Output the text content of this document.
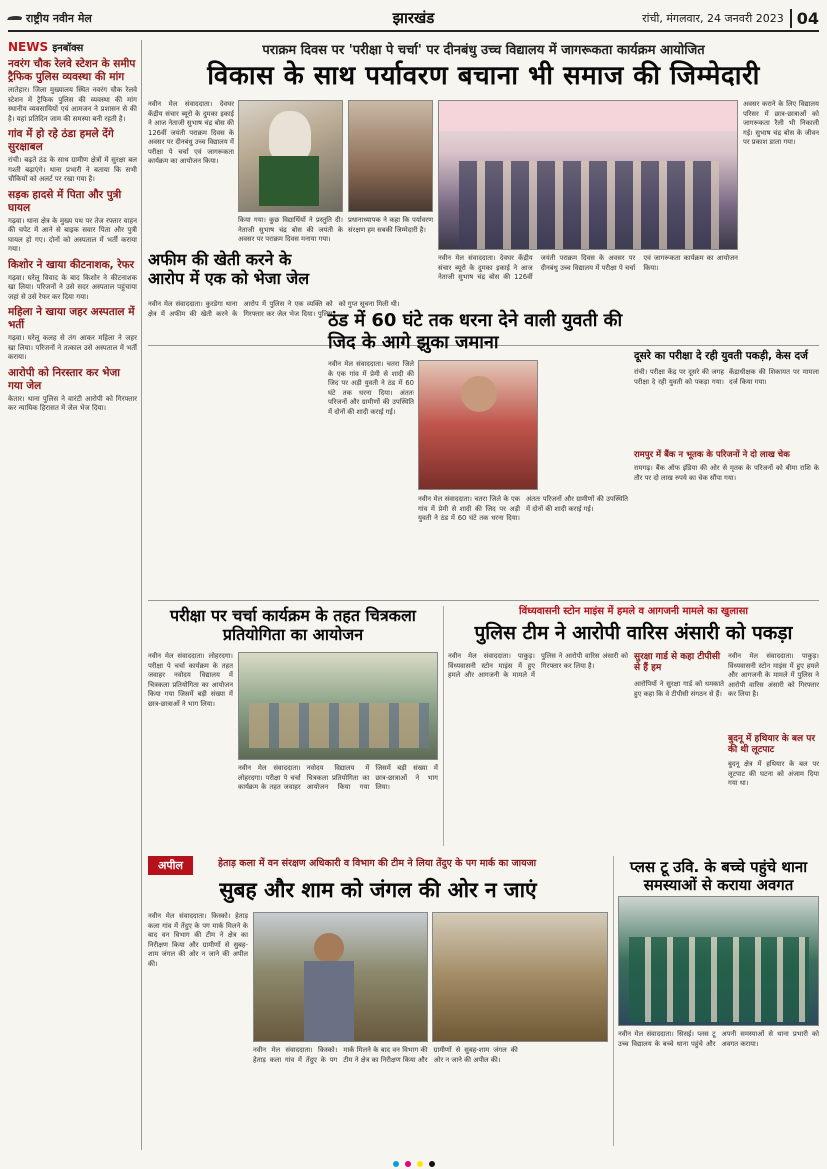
राष्ट्रीय नवीन मेल	झारखंड	रांची, मंगलवार, 24 जनवरी 2023 04
NEWS इनबॉक्स
नवरंग चौक रेलवे स्टेशन के समीप ट्रैफिक पुलिस व्यवस्था की मांग
लातेहार। जिला मुख्यालय स्थित नवरंग चौक रेलवे स्टेशन में ट्रैफिक पुलिस की व्यवस्था की मांग स्थानीय व्यवसायियों एवं आमजन ने प्रशासन से की है। यहां प्रतिदिन जाम की समस्या बनी रहती है।
गांव में हो रहे ठंडा हमले देंगे सुरक्षाबल
रांची। बढ़ते ठंड के साथ ग्रामीण क्षेत्रों में सुरक्षा बल गश्ती बढ़ाएंगे। थाना प्रभारी ने बताया कि सभी चौकियों को अलर्ट पर रखा गया है।
सड़क हादसे में पिता और पुत्री घायल
गढ़वा। थाना क्षेत्र के मुख्य पथ पर तेज रफ्तार वाहन की चपेट में आने से बाइक सवार पिता और पुत्री घायल हो गए। दोनों को अस्पताल में भर्ती कराया गया।
किशोर ने खाया कीटनाशक, रेफर
गढ़वा। घरेलू विवाद के बाद किशोर ने कीटनाशक खा लिया। परिजनों ने उसे सदर अस्पताल पहुंचाया जहां से उसे रेफर कर दिया गया।
महिला ने खाया जहर अस्पताल में भर्ती
गढ़वा। घरेलू कलह से तंग आकर महिला ने जहर खा लिया। परिजनों ने तत्काल उसे अस्पताल में भर्ती कराया।
आरोपी को निरस्तार कर भेजा गया जेल
केतार। थाना पुलिस ने वारंटी आरोपी को गिरफ्तार कर न्यायिक हिरासत में जेल भेज दिया।
पराक्रम दिवस पर 'परीक्षा पे चर्चा' पर दीनबंधु उच्च विद्यालय में जागरूकता कार्यक्रम आयोजित
विकास के साथ पर्यावरण बचाना भी समाज की जिम्मेदारी
नवीन मेल संवाददाता। देवघर केंद्रीय संचार ब्यूरो के दुमका इकाई ने आज नेताजी सुभाष चंद्र बोस की 126वीं जयंती पराक्रम दिवस के अवसर पर दीनबंधु उच्च विद्यालय में परीक्षा पे चर्चा एवं जागरूकता कार्यक्रम का आयोजन किया।
किया गया। कुछ विद्यार्थियों ने प्रस्तुति दी। नेताजी सुभाष चंद्र बोस की जयंती के अवसर पर पराक्रम दिवस मनाया गया।
प्रधानाध्यापक ने कहा कि पर्यावरण संरक्षण हम सबकी जिम्मेदारी है।
अवसर कराने के लिए विद्यालय परिसर में छात्र-छात्राओं को जागरूकता रैली भी निकाली गई। सुभाष चंद्र बोस के जीवन पर प्रकाश डाला गया।
नवीन मेल संवाददाता। देवघर केंद्रीय संचार ब्यूरो के दुमका इकाई ने आज नेताजी सुभाष चंद्र बोस की 126वीं जयंती पराक्रम दिवस के अवसर पर दीनबंधु उच्च विद्यालय में परीक्षा पे चर्चा एवं जागरूकता कार्यक्रम का आयोजन किया।
अफीम की खेती करने के आरोप में एक को भेजा जेल
नवीन मेल संवाददाता। कुरडेगा थाना क्षेत्र में अफीम की खेती करने के आरोप में पुलिस ने एक व्यक्ति को गिरफ्तार कर जेल भेज दिया। पुलिस को गुप्त सूचना मिली थी।
ठंड में 60 घंटे तक धरना देने वाली युवती की जिद के आगे झुका जमाना
नवीन मेल संवाददाता। चतरा जिले के एक गांव में प्रेमी से शादी की जिद पर अड़ी युवती ने ठंड में 60 घंटे तक धरना दिया। अंततः परिजनों और ग्रामीणों की उपस्थिति में दोनों की शादी कराई गई।
नवीन मेल संवाददाता। चतरा जिले के एक गांव में प्रेमी से शादी की जिद पर अड़ी युवती ने ठंड में 60 घंटे तक धरना दिया। अंततः परिजनों और ग्रामीणों की उपस्थिति में दोनों की शादी कराई गई।
दूसरे का परीक्षा दे रही युवती पकड़ी, केस दर्ज
रांची। परीक्षा केंद्र पर दूसरे की जगह परीक्षा दे रही युवती को पकड़ा गया। केंद्राधीक्षक की शिकायत पर मामला दर्ज किया गया।
रामपुर में बैंक न भूतक के परिजनों ने दो लाख चेक
रामगढ़। बैंक ऑफ इंडिया की ओर से मृतक के परिजनों को बीमा राशि के तौर पर दो लाख रुपये का चेक सौंपा गया।
परीक्षा पर चर्चा कार्यक्रम के तहत चित्रकला प्रतियोगिता का आयोजन
नवीन मेल संवाददाता। लोहरदगा। परीक्षा पे चर्चा कार्यक्रम के तहत जवाहर नवोदय विद्यालय में चित्रकला प्रतियोगिता का आयोजन किया गया जिसमें बड़ी संख्या में छात्र-छात्राओं ने भाग लिया।
नवीन मेल संवाददाता। लोहरदगा। परीक्षा पे चर्चा कार्यक्रम के तहत जवाहर नवोदय विद्यालय में चित्रकला प्रतियोगिता का आयोजन किया गया जिसमें बड़ी संख्या में छात्र-छात्राओं ने भाग लिया।
विंध्यवासनी स्टोन माइंस में हमले व आगजनी मामले का खुलासा
पुलिस टीम ने आरोपी वारिस अंसारी को पकड़ा
नवीन मेल संवाददाता। पाकुड़। विंध्यवासनी स्टोन माइंस में हुए हमले और आगजनी के मामले में पुलिस ने आरोपी वारिस अंसारी को गिरफ्तार कर लिया है।
सुरक्षा गार्ड से कहा टीपीसी से हैं हम
आरोपियों ने सुरक्षा गार्ड को धमकाते हुए कहा कि वे टीपीसी संगठन से हैं।
नवीन मेल संवाददाता। पाकुड़। विंध्यवासनी स्टोन माइंस में हुए हमले और आगजनी के मामले में पुलिस ने आरोपी वारिस अंसारी को गिरफ्तार कर लिया है।
बुदनू में हथियार के बल पर की थी लूटपाट
बुदनू क्षेत्र में हथियार के बल पर लूटपाट की घटना को अंजाम दिया गया था।
अपील	हेताड़ कला में वन संरक्षण अधिकारी व विभाग की टीम ने लिया तेंदुए के पग मार्क का जायजा
सुबह और शाम को जंगल की ओर न जाएं
नवीन मेल संवाददाता। किस्को। हेताड़ कला गांव में तेंदुए के पग मार्क मिलने के बाद वन विभाग की टीम ने क्षेत्र का निरीक्षण किया और ग्रामीणों से सुबह-शाम जंगल की ओर न जाने की अपील की।
नवीन मेल संवाददाता। किस्को। हेताड़ कला गांव में तेंदुए के पग मार्क मिलने के बाद वन विभाग की टीम ने क्षेत्र का निरीक्षण किया और ग्रामीणों से सुबह-शाम जंगल की ओर न जाने की अपील की।
प्लस टू उवि. के बच्चे पहुंचे थाना समस्याओं से कराया अवगत
नवीन मेल संवाददाता। सिसई। प्लस टू उच्च विद्यालय के बच्चे थाना पहुंचे और अपनी समस्याओं से थाना प्रभारी को अवगत कराया।
